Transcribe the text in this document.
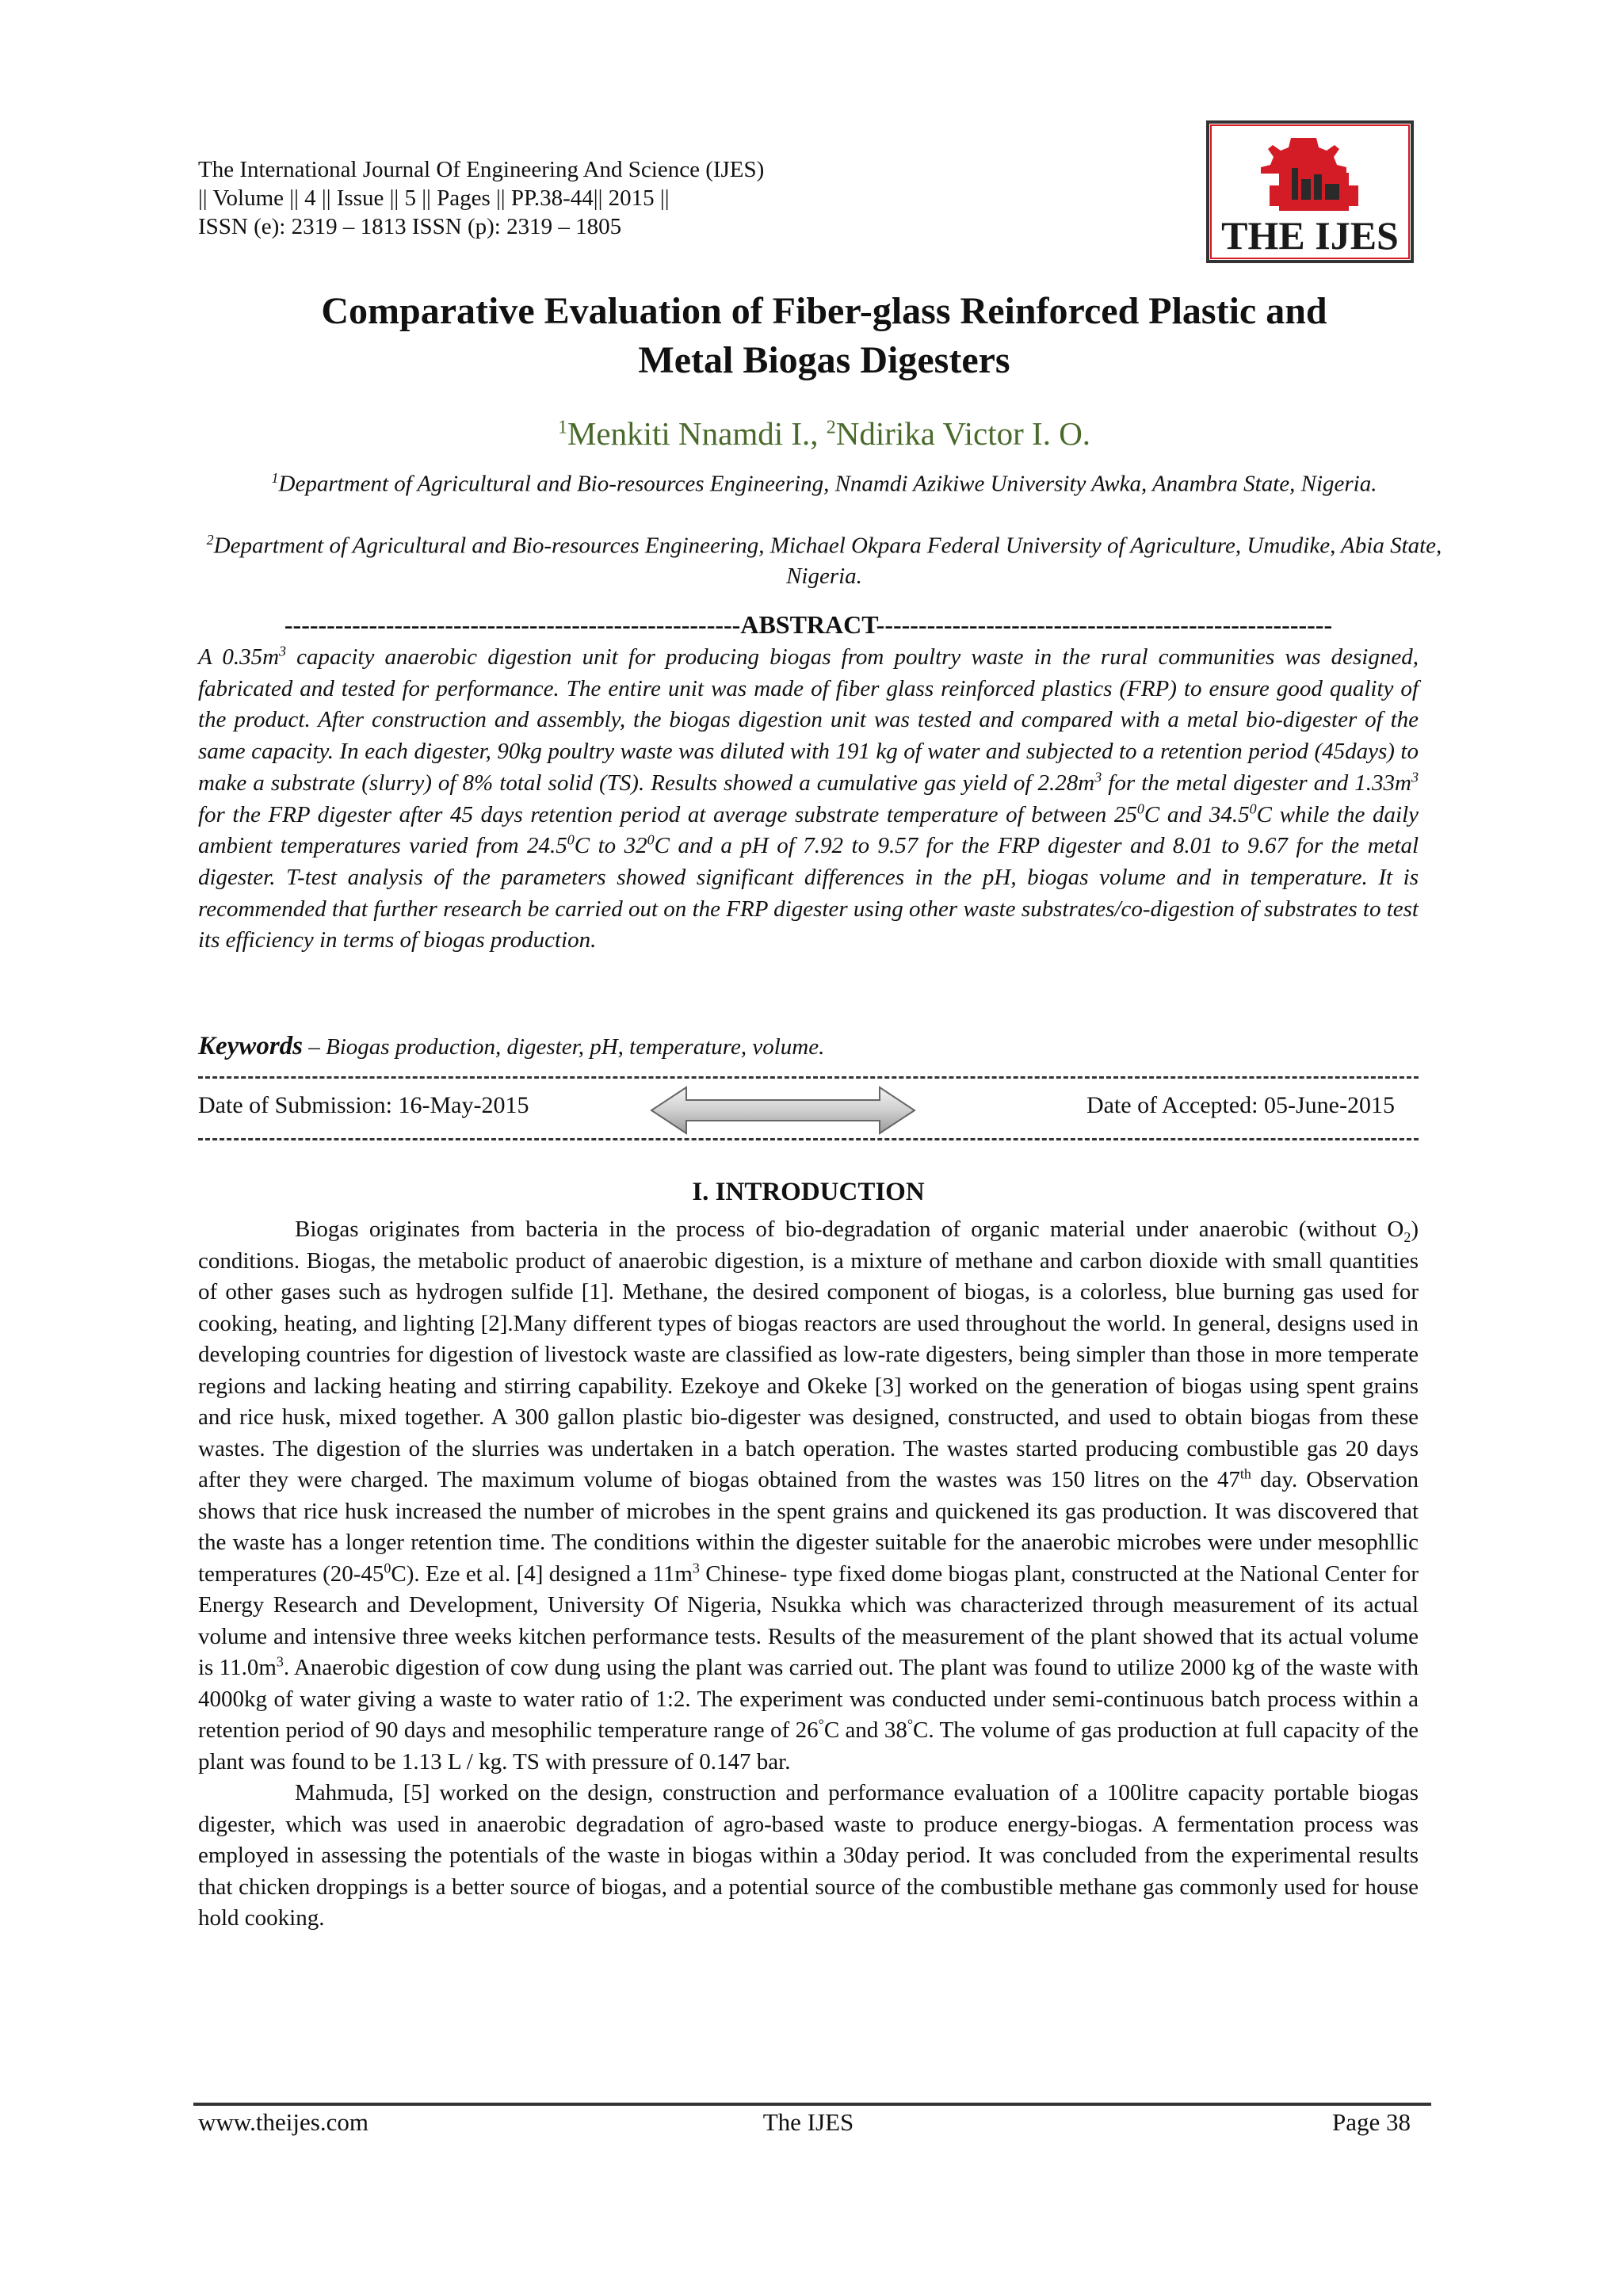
The International Journal Of Engineering And Science (IJES)
|| Volume || 4 || Issue || 5 || Pages || PP.38-44|| 2015 ||
ISSN (e): 2319 – 1813 ISSN (p): 2319 – 1805	THE IJES
Comparative Evaluation of Fiber-glass Reinforced Plastic and
Metal Biogas Digesters
$^1$Menkiti Nnamdi I., $^2$Ndirika Victor I. O.
$^1$Department of Agricultural and Bio-resources Engineering, Nnamdi Azikiwe University Awka, Anambra State, Nigeria.
$^2$Department of Agricultural and Bio-resources Engineering, Michael Okpara Federal University of Agriculture, Umudike, Abia State, Nigeria.
------------------------------------------------------ABSTRACT------------------------------------------------------

A $0.35m^3$ capacity anaerobic digestion unit for producing biogas from poultry waste in the rural communities was designed, fabricated and tested for performance. The entire unit was made of fiber glass reinforced plastics (FRP) to ensure good quality of the product. After construction and assembly, the biogas digestion unit was tested and compared with a metal bio-digester of the same capacity. In each digester, 90kg poultry waste was diluted with 191 kg of water and subjected to a retention period (45days) to make a substrate (slurry) of 8% total solid (TS). Results showed a cumulative gas yield of $2.28m^3$ for the metal digester and $1.33m^3$ for the FRP digester after 45 days retention period at average substrate temperature of between $25^0C$ and 34.5$^0$C while the daily ambient temperatures varied from 24.5$^0$C to $32^0C$ and a pH of 7.92 to 9.57 for the FRP digester and 8.01 to 9.67 for the metal digester. T-test analysis of the parameters showed significant differences in the pH, biogas volume and in temperature. It is recommended that further research be carried out on the FRP digester using other waste substrates/co-digestion of substrates to test its efficiency in terms of biogas production.

Keywords – Biogas production, digester, pH, temperature, volume.
Date of Submission: 16-May-2015	Date of Accepted: 05-June-2015
I. INTRODUCTION

Biogas originates from bacteria in the process of bio-degradation of organic material under anaerobic (without $O_2$) conditions. Biogas, the metabolic product of anaerobic digestion, is a mixture of methane and carbon dioxide with small quantities of other gases such as hydrogen sulfide [1]. Methane, the desired component of biogas, is a colorless, blue burning gas used for cooking, heating, and lighting [2].Many different types of biogas reactors are used throughout the world. In general, designs used in developing countries for digestion of livestock waste are classified as low-rate digesters, being simpler than those in more temperate regions and lacking heating and stirring capability. Ezekoye and Okeke [3] worked on the generation of biogas using spent grains and rice husk, mixed together. A 300 gallon plastic bio-digester was designed, constructed, and used to obtain biogas from these wastes. The digestion of the slurries was undertaken in a batch operation. The wastes started producing combustible gas 20 days after they were charged. The maximum volume of biogas obtained from the wastes was 150 litres on the 47th day. Observation shows that rice husk increased the number of microbes in the spent grains and quickened its gas production. It was discovered that the waste has a longer retention time. The conditions within the digester suitable for the anaerobic microbes were under mesophllic temperatures $(20-45^0C)$. Eze et al. [4] designed a $11m^3$ Chinese- type fixed dome biogas plant, constructed at the National Center for Energy Research and Development, University Of Nigeria, Nsukka which was characterized through measurement of its actual volume and intensive three weeks kitchen performance tests. Results of the measurement of the plant showed that its actual volume is $11.0m^3$. Anaerobic digestion of cow dung using the plant was carried out. The plant was found to utilize 2000 kg of the waste with 4000kg of water giving a waste to water ratio of 1:2. The experiment was conducted under semi-continuous batch process within a retention period of 90 days and mesophilic temperature range of 26°C and 38°C. The volume of gas production at full capacity of the plant was found to be 1.13 L / kg. TS with pressure of 0.147 bar.

Mahmuda, [5] worked on the design, construction and performance evaluation of a 100litre capacity portable biogas digester, which was used in anaerobic degradation of agro-based waste to produce energy-biogas. A fermentation process was employed in assessing the potentials of the waste in biogas within a 30day period. It was concluded from the experimental results that chicken droppings is a better source of biogas, and a potential source of the combustible methane gas commonly used for house hold cooking.

www.theijes.com	The IJES	Page 38
